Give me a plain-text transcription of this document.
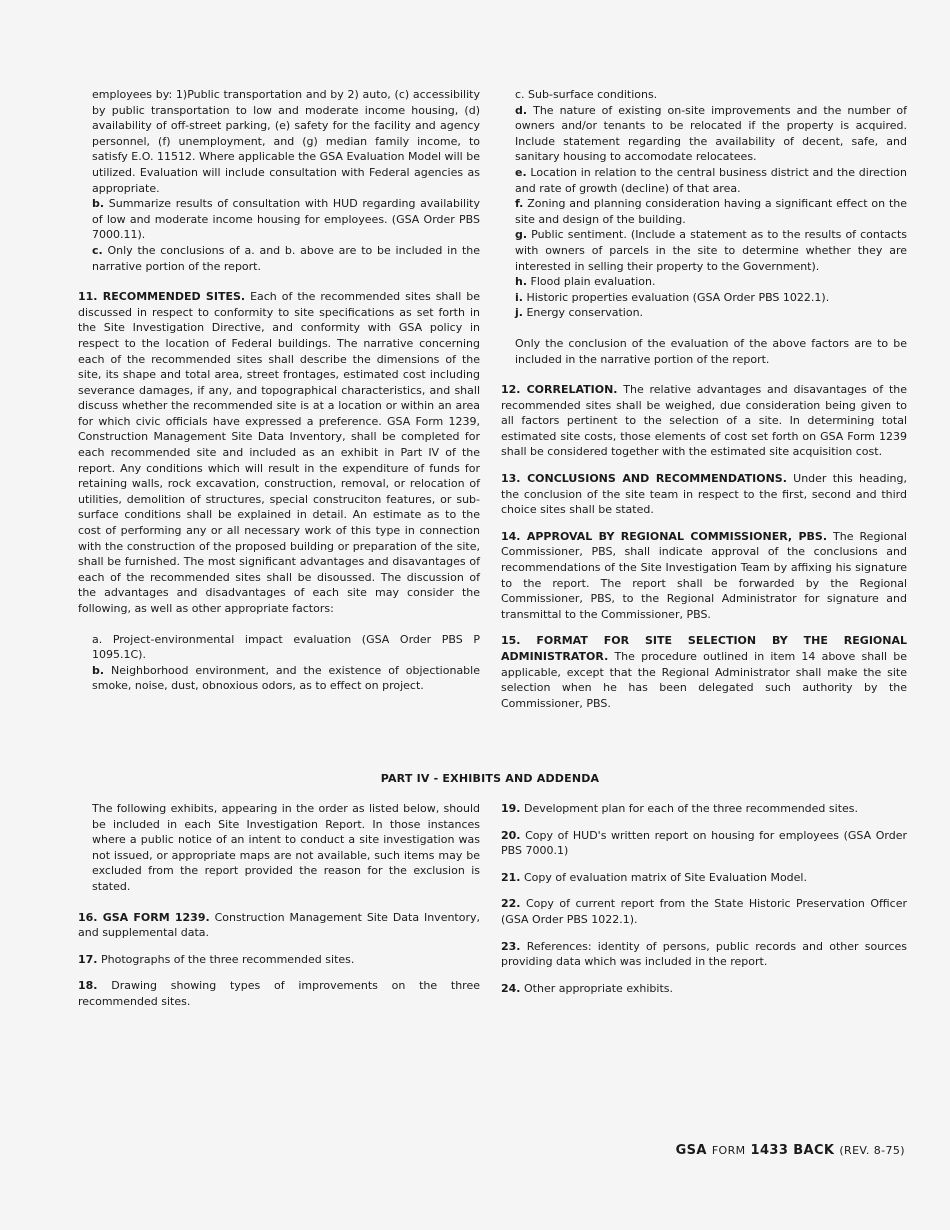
employees by: 1)Public transportation and by 2) auto, (c) accessibility by public transportation to low and moderate income housing, (d) availability of off-street parking, (e) safety for the facility and agency personnel, (f) unemployment, and (g) median family income, to satisfy E.O. 11512. Where applicable the GSA Evaluation Model will be utilized. Evaluation will include consultation with Federal agencies as appropriate.

b. Summarize results of consultation with HUD regarding availability of low and moderate income housing for employees. (GSA Order PBS 7000.11).

c. Only the conclusions of a. and b. above are to be included in the narrative portion of the report.

11. RECOMMENDED SITES. Each of the recommended sites shall be discussed in respect to conformity to site specifications as set forth in the Site Investigation Directive, and conformity with GSA policy in respect to the location of Federal buildings. The narrative concerning each of the recommended sites shall describe the dimensions of the site, its shape and total area, street frontages, estimated cost including severance damages, if any, and topographical characteristics, and shall discuss whether the recommended site is at a location or within an area for which civic officials have expressed a preference. GSA Form 1239, Construction Management Site Data Inventory, shall be completed for each recommended site and included as an exhibit in Part IV of the report. Any conditions which will result in the expenditure of funds for retaining walls, rock excavation, construction, removal, or relocation of utilities, demolition of structures, special construciton features, or sub-surface conditions shall be explained in detail. An estimate as to the cost of performing any or all necessary work of this type in connection with the construction of the proposed building or preparation of the site, shall be furnished. The most significant advantages and disavantages of each of the recommended sites shall be disoussed. The discussion of the advantages and disadvantages of each site may consider the following, as well as other appropriate factors:

a. Project-environmental impact evaluation (GSA Order PBS P 1095.1C).

b. Neighborhood environment, and the existence of objectionable smoke, noise, dust, obnoxious odors, as to effect on project.

c. Sub-surface conditions.

d. The nature of existing on-site improvements and the number of owners and/or tenants to be relocated if the property is acquired. Include statement regarding the availability of decent, safe, and sanitary housing to accomodate relocatees.

e. Location in relation to the central business district and the direction and rate of growth (decline) of that area.

f. Zoning and planning consideration having a significant effect on the site and design of the building.

g. Public sentiment. (Include a statement as to the results of contacts with owners of parcels in the site to determine whether they are interested in selling their property to the Government).

h. Flood plain evaluation.

i. Historic properties evaluation (GSA Order PBS 1022.1).

j. Energy conservation.

Only the conclusion of the evaluation of the above factors are to be included in the narrative portion of the report.

12. CORRELATION. The relative advantages and disavantages of the recommended sites shall be weighed, due consideration being given to all factors pertinent to the selection of a site. In determining total estimated site costs, those elements of cost set forth on GSA Form 1239 shall be considered together with the estimated site acquisition cost.

13. CONCLUSIONS AND RECOMMENDATIONS. Under this heading, the conclusion of the site team in respect to the first, second and third choice sites shall be stated.

14. APPROVAL BY REGIONAL COMMISSIONER, PBS. The Regional Commissioner, PBS, shall indicate approval of the conclusions and recommendations of the Site Investigation Team by affixing his signature to the report. The report shall be forwarded by the Regional Commissioner, PBS, to the Regional Administrator for signature and transmittal to the Commissioner, PBS.

15. FORMAT FOR SITE SELECTION BY THE REGIONAL ADMINISTRATOR. The procedure outlined in item 14 above shall be applicable, except that the Regional Administrator shall make the site selection when he has been delegated such authority by the Commissioner, PBS.

PART IV - EXHIBITS AND ADDENDA

The following exhibits, appearing in the order as listed below, should be included in each Site Investigation Report. In those instances where a public notice of an intent to conduct a site investigation was not issued, or appropriate maps are not available, such items may be excluded from the report provided the reason for the exclusion is stated.

16. GSA FORM 1239. Construction Management Site Data Inventory, and supplemental data.

17. Photographs of the three recommended sites.

18. Drawing showing types of improvements on the three recommended sites.

19. Development plan for each of the three recommended sites.

20. Copy of HUD's written report on housing for employees (GSA Order PBS 7000.1)

21. Copy of evaluation matrix of Site Evaluation Model.

22. Copy of current report from the State Historic Preservation Officer (GSA Order PBS 1022.1).

23. References: identity of persons, public records and other sources providing data which was included in the report.

24. Other appropriate exhibits.

GSA FORM 1433 BACK (REV. 8-75)
